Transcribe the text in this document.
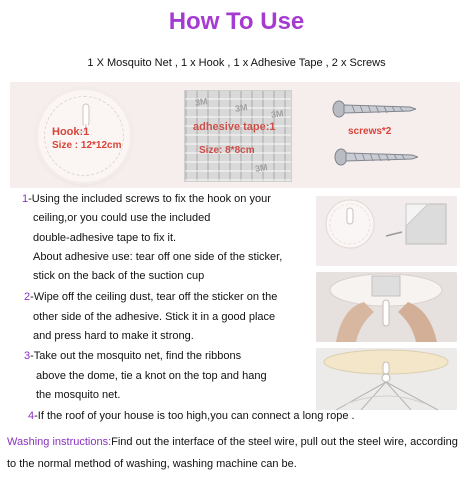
How To Use
1 X Mosquito Net , 1 x Hook , 1 x Adhesive Tape , 2 x Screws
Hook:1
Size : 12*12cm
3M
3M
3M
3M
adhesive tape:1
Size: 8*8cm
screws*2
1-Using the included screws to fix the hook on your
ceiling,or you could use the included
double-adhesive tape to fix it.
About adhesive use: tear off one side of the sticker,
stick on the back of the suction cup
2-Wipe off the ceiling dust, tear off the sticker on the
other side of the adhesive. Stick it in a good place
and press hard to make it strong.
3-Take out the mosquito net, find the ribbons
above the dome, tie a knot on the top and hang
the mosquito net.
4-If the roof of your house is too high,you can connect a long rope .
Washing instructions:Find out the interface of the steel wire, pull out the steel wire, according to the normal method of washing, washing machine can be.
